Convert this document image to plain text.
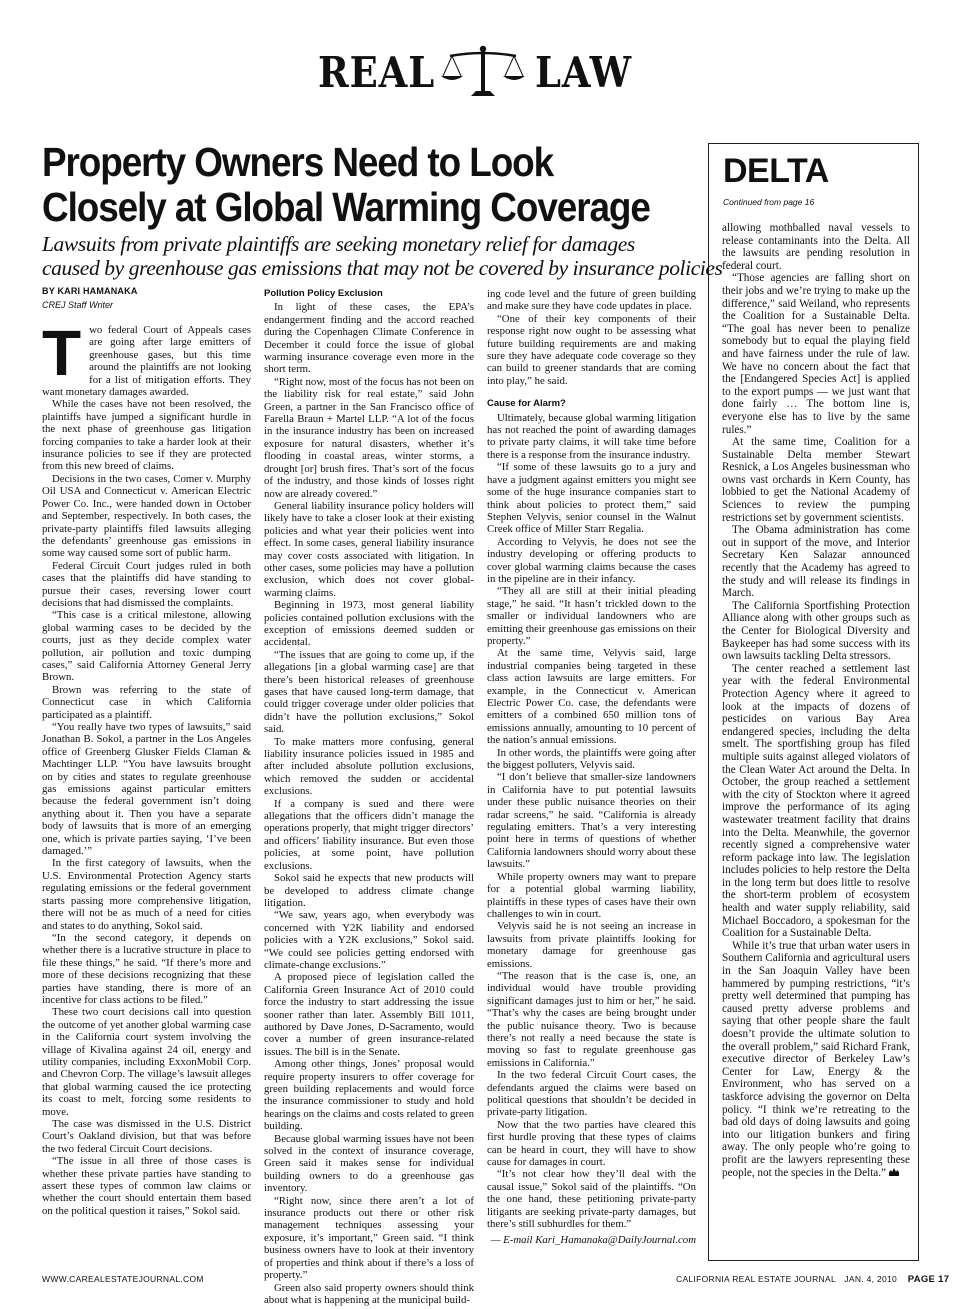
REAL LAW
Property Owners Need to Look
Closely at Global Warming Coverage
Lawsuits from private plaintiffs are seeking monetary relief for damages
caused by greenhouse gas emissions that may not be covered by insurance policies
BY KARI HAMANAKA
CREJ Staff Writer

Two federal Court of Appeals cases are going after large emitters of greenhouse gases, but this time around the plaintiffs are not looking for a list of mitigation efforts. They want monetary damages awarded.

While the cases have not been resolved, the plaintiffs have jumped a significant hurdle in the next phase of greenhouse gas litigation forcing companies to take a harder look at their insurance policies to see if they are protected from this new breed of claims.

Decisions in the two cases, Comer v. Murphy Oil USA and Connecticut v. American Electric Power Co. Inc., were handed down in October and September, respectively. In both cases, the private-party plaintiffs filed lawsuits alleging the defendants’ greenhouse gas emissions in some way caused some sort of public harm.

Federal Circuit Court judges ruled in both cases that the plaintiffs did have standing to pursue their cases, reversing lower court decisions that had dismissed the complaints.

“This case is a critical milestone, allowing global warming cases to be decided by the courts, just as they decide complex water pollution, air pollution and toxic dumping cases,” said California Attorney General Jerry Brown.

Brown was referring to the state of Connecticut case in which California participated as a plaintiff.

“You really have two types of lawsuits,” said Jonathan B. Sokol, a partner in the Los Angeles office of Greenberg Glusker Fields Claman & Machtinger LLP. “You have lawsuits brought on by cities and states to regulate greenhouse gas emissions against particular emitters because the federal government isn’t doing anything about it. Then you have a separate body of lawsuits that is more of an emerging one, which is private parties saying, ‘I’ve been damaged.’”

In the first category of lawsuits, when the U.S. Environmental Protection Agency starts regulating emissions or the federal government starts passing more comprehensive litigation, there will not be as much of a need for cities and states to do anything, Sokol said.

“In the second category, it depends on whether there is a lucrative structure in place to file these things,” he said. “If there’s more and more of these decisions recognizing that these parties have standing, there is more of an incentive for class actions to be filed.”

These two court decisions call into question the outcome of yet another global warming case in the California court system involving the village of Kivalina against 24 oil, energy and utility companies, including ExxonMobil Corp. and Chevron Corp. The village’s lawsuit alleges that global warming caused the ice protecting its coast to melt, forcing some residents to move.

The case was dismissed in the U.S. District Court’s Oakland division, but that was before the two federal Circuit Court decisions.

“The issue in all three of those cases is whether these private parties have standing to assert these types of common law claims or whether the court should entertain them based on the political question it raises,” Sokol said.

Pollution Policy Exclusion

In light of these cases, the EPA’s endangerment finding and the accord reached during the Copenhagen Climate Conference in December it could force the issue of global warming insurance coverage even more in the short term.

“Right now, most of the focus has not been on the liability risk for real estate,” said John Green, a partner in the San Francisco office of Farella Braun + Martel LLP. “A lot of the focus in the insurance industry has been on increased exposure for natural disasters, whether it’s flooding in coastal areas, winter storms, a drought [or] brush fires. That’s sort of the focus of the industry, and those kinds of losses right now are already covered.”

General liability insurance policy holders will likely have to take a closer look at their existing policies and what year their policies went into effect. In some cases, general liability insurance may cover costs associated with litigation. In other cases, some policies may have a pollution exclusion, which does not cover global-warming claims.

Beginning in 1973, most general liability policies contained pollution exclusions with the exception of emissions deemed sudden or accidental.

“The issues that are going to come up, if the allegations [in a global warming case] are that there’s been historical releases of greenhouse gases that have caused long-term damage, that could trigger coverage under older policies that didn’t have the pollution exclusions,” Sokol said.

To make matters more confusing, general liability insurance policies issued in 1985 and after included absolute pollution exclusions, which removed the sudden or accidental exclusions.

If a company is sued and there were allegations that the officers didn’t manage the operations properly, that might trigger directors’ and officers’ liability insurance. But even those policies, at some point, have pollution exclusions.

Sokol said he expects that new products will be developed to address climate change litigation.

“We saw, years ago, when everybody was concerned with Y2K liability and endorsed policies with a Y2K exclusions,” Sokol said. “We could see policies getting endorsed with climate-change exclusions.”

A proposed piece of legislation called the California Green Insurance Act of 2010 could force the industry to start addressing the issue sooner rather than later. Assembly Bill 1011, authored by Dave Jones, D-Sacramento, would cover a number of green insurance-related issues. The bill is in the Senate.

Among other things, Jones’ proposal would require property insurers to offer coverage for green building replacements and would force the insurance commissioner to study and hold hearings on the claims and costs related to green building.

Because global warming issues have not been solved in the context of insurance coverage, Green said it makes sense for individual building owners to do a greenhouse gas inventory.

“Right now, since there aren’t a lot of insurance products out there or other risk management techniques assessing your exposure, it’s important,” Green said. “I think business owners have to look at their inventory of properties and think about if there’s a loss of property.”

Green also said property owners should think about what is happening at the municipal build-

ing code level and the future of green building and make sure they have code updates in place.

“One of their key components of their response right now ought to be assessing what future building requirements are and making sure they have adequate code coverage so they can build to greener standards that are coming into play,” he said.

Cause for Alarm?

Ultimately, because global warming litigation has not reached the point of awarding damages to private party claims, it will take time before there is a response from the insurance industry.

“If some of these lawsuits go to a jury and have a judgment against emitters you might see some of the huge insurance companies start to think about policies to protect them,” said Stephen Velyvis, senior counsel in the Walnut Creek office of Miller Starr Regalia.

According to Velyvis, he does not see the industry developing or offering products to cover global warming claims because the cases in the pipeline are in their infancy.

“They all are still at their initial pleading stage,” he said. “It hasn’t trickled down to the smaller or individual landowners who are emitting their greenhouse gas emissions on their property.”

At the same time, Velyvis said, large industrial companies being targeted in these class action lawsuits are large emitters. For example, in the Connecticut v. American Electric Power Co. case, the defendants were emitters of a combined 650 million tons of emissions annually, amounting to 10 percent of the nation’s annual emissions.

In other words, the plaintiffs were going after the biggest polluters, Velyvis said.

“I don’t believe that smaller-size landowners in California have to put potential lawsuits under these public nuisance theories on their radar screens,” he said. “California is already regulating emitters. That’s a very interesting point here in terms of questions of whether California landowners should worry about these lawsuits.”

While property owners may want to prepare for a potential global warming liability, plaintiffs in these types of cases have their own challenges to win in court.

Velyvis said he is not seeing an increase in lawsuits from private plaintiffs looking for monetary damage for greenhouse gas emissions.

“The reason that is the case is, one, an individual would have trouble providing significant damages just to him or her,” he said. “That’s why the cases are being brought under the public nuisance theory. Two is because there’s not really a need because the state is moving so fast to regulate greenhouse gas emissions in California.”

In the two federal Circuit Court cases, the defendants argued the claims were based on political questions that shouldn’t be decided in private-party litigation.

Now that the two parties have cleared this first hurdle proving that these types of claims can be heard in court, they will have to show cause for damages in court.

“It’s not clear how they’ll deal with the causal issue,” Sokol said of the plaintiffs. “On the one hand, these petitioning private-party litigants are seeking private-party damages, but there’s still subhurdles for them.”

— E-mail Kari_Hamanaka@DailyJournal.com

DELTA
Continued from page 16

allowing mothballed naval vessels to release contaminants into the Delta. All the lawsuits are pending resolution in federal court.

“Those agencies are falling short on their jobs and we’re trying to make up the difference,” said Weiland, who represents the Coalition for a Sustainable Delta. “The goal has never been to penalize somebody but to equal the playing field and have fairness under the rule of law. We have no concern about the fact that the [Endangered Species Act] is applied to the export pumps — we just want that done fairly … The bottom line is, everyone else has to live by the same rules.”

At the same time, Coalition for a Sustainable Delta member Stewart Resnick, a Los Angeles businessman who owns vast orchards in Kern County, has lobbied to get the National Academy of Sciences to review the pumping restrictions set by government scientists.

The Obama administration has come out in support of the move, and Interior Secretary Ken Salazar announced recently that the Academy has agreed to the study and will release its findings in March.

The California Sportfishing Protection Alliance along with other groups such as the Center for Biological Diversity and Baykeeper has had some success with its own lawsuits tackling Delta stressors.

The center reached a settlement last year with the federal Environmental Protection Agency where it agreed to look at the impacts of dozens of pesticides on various Bay Area endangered species, including the delta smelt. The sportfishing group has filed multiple suits against alleged violators of the Clean Water Act around the Delta. In October, the group reached a settlement with the city of Stockton where it agreed improve the performance of its aging wastewater treatment facility that drains into the Delta. Meanwhile, the governor recently signed a comprehensive water reform package into law. The legislation includes policies to help restore the Delta in the long term but does little to resolve the short-term problem of ecosystem health and water supply reliability, said Michael Boccadoro, a spokesman for the Coalition for a Sustainable Delta.

While it’s true that urban water users in Southern California and agricultural users in the San Joaquin Valley have been hammered by pumping restrictions, “it’s pretty well determined that pumping has caused pretty adverse problems and saying that other people share the fault doesn’t provide the ultimate solution to the overall problem,” said Richard Frank, executive director of Berkeley Law’s Center for Law, Energy & the Environment, who has served on a taskforce advising the governor on Delta policy. “I think we’re retreating to the bad old days of doing lawsuits and going into our litigation bunkers and firing away. The only people who’re going to profit are the lawyers representing these people, not the species in the Delta.”

WWW.CAREALESTATEJOURNAL.COM	CALIFORNIA REAL ESTATE JOURNAL JAN. 4, 2010 PAGE 17
